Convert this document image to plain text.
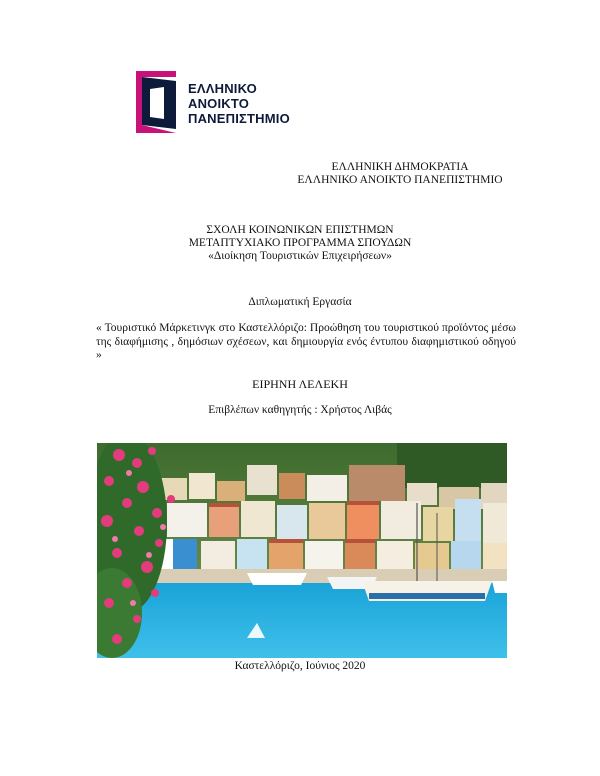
ΕΛΛΗΝΙΚΟ
ΑΝΟΙΚΤΟ
ΠΑΝΕΠΙΣΤΗΜΙΟ
ΕΛΛΗΝΙΚΗ ΔΗΜΟΚΡΑΤΙΑ
ΕΛΛΗΝΙΚΟ ΑΝΟΙΚΤΟ ΠΑΝΕΠΙΣΤΗΜΙΟ
ΣΧΟΛΗ ΚΟΙΝΩΝΙΚΩΝ ΕΠΙΣΤΗΜΩΝ
ΜΕΤΑΠΤΥΧΙΑΚΟ ΠΡΟΓΡΑΜΜΑ ΣΠΟΥΔΩΝ
«Διοίκηση Τουριστικών Επιχειρήσεων»
Διπλωματική Εργασία
« Τουριστικό Μάρκετινγκ στο Καστελλόριζο: Προώθηση του τουριστικού προϊόντος μέσω της διαφήμισης , δημόσιων σχέσεων, και δημιουργία ενός έντυπου διαφημιστικού οδηγού »
ΕΙΡΗΝΗ ΛΕΛΕΚΗ
Επιβλέπων καθηγητής : Χρήστος Λιβάς
Καστελλόριζο, Ιούνιος 2020
